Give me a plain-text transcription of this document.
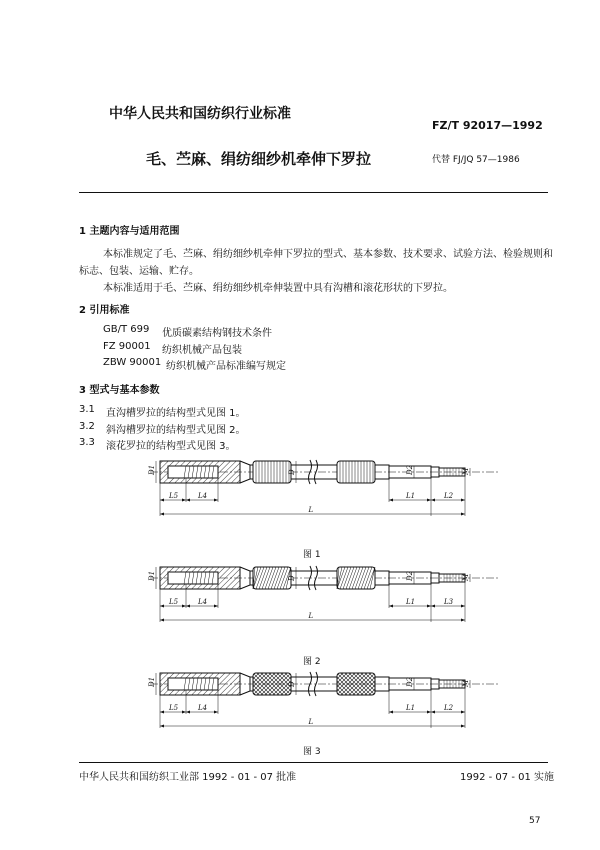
中华人民共和国纺织行业标准
FZ/T 92017—1992
毛、苎麻、绢纺细纱机牵伸下罗拉	代替 FJ/JQ 57—1986
1 主题内容与适用范围
本标准规定了毛、苎麻、绢纺细纱机牵伸下罗拉的型式、基本参数、技术要求、试验方法、检验规则和
标志、包装、运输、贮存。
本标准适用于毛、苎麻、绢纺细纱机牵伸装置中具有沟槽和滚花形状的下罗拉。
2 引用标准
GB/T 699 优质碳素结构钢技术条件
FZ 90001 纺织机械产品包装
ZBW 90001 纺织机械产品标准编写规定
3 型式与基本参数
3.1 直沟槽罗拉的结构型式见图 1。
3.2 斜沟槽罗拉的结构型式见图 2。
3.3 滚花罗拉的结构型式见图 3。
L5	L4	L1	L2
L
D1	D	D2	M
图 1
L5	L4	L1	L3
L
D1	D	D2	M
图 2
L5	L4	L1	L2
L
D1	D	D2	M
图 3
中华人民共和国纺织工业部 1992 - 01 - 07 批准	1992 - 07 - 01 实施
57
